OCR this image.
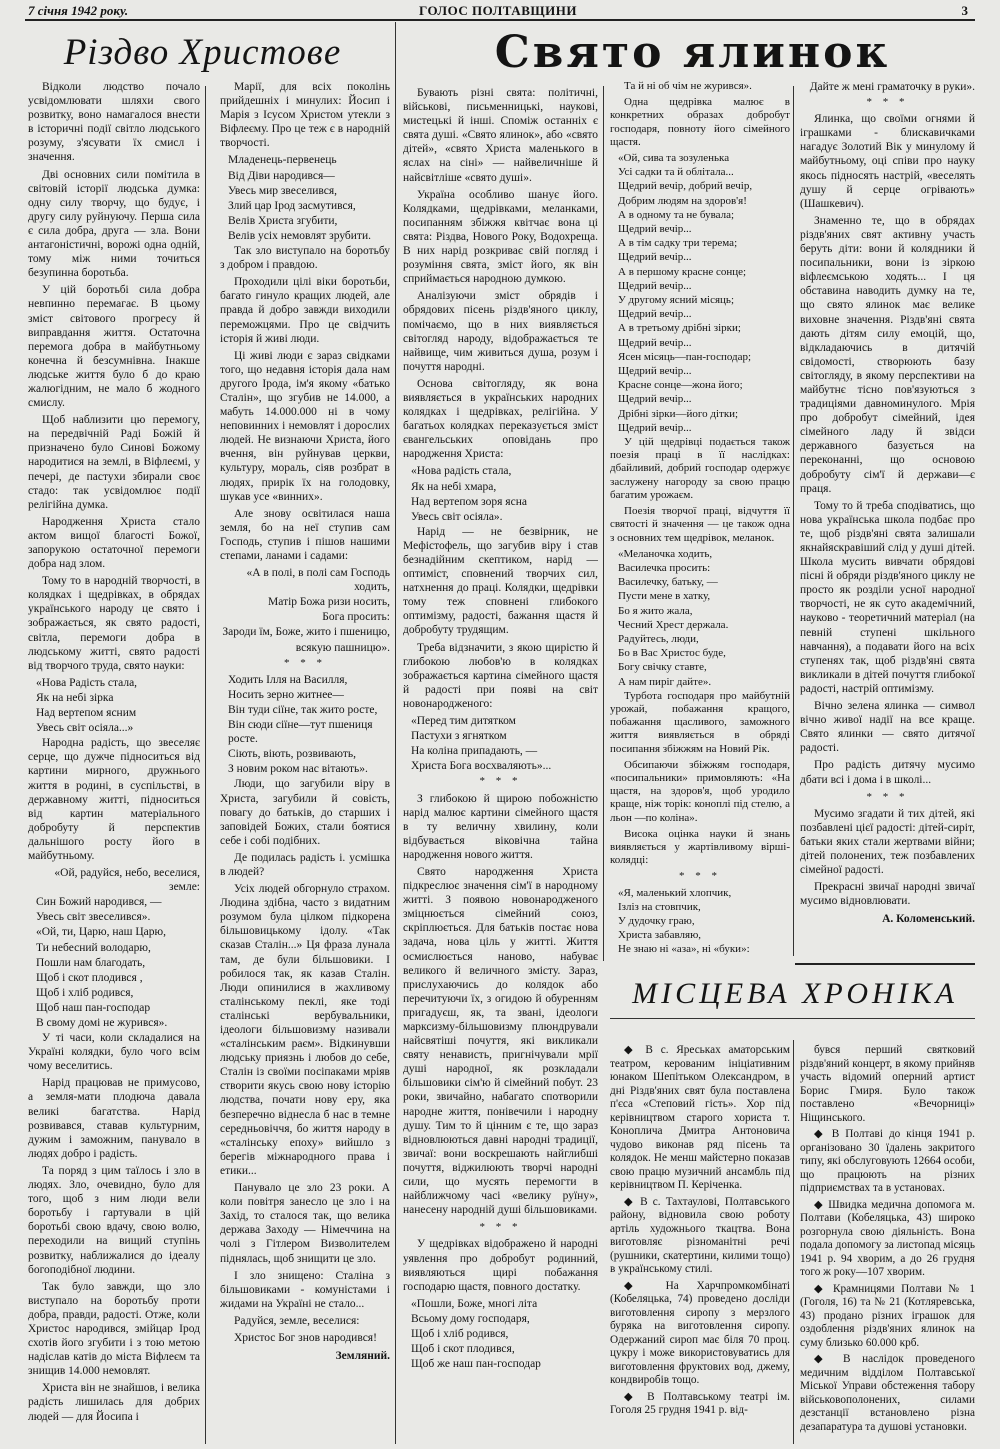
7 січня 1942 року.	ГОЛОС ПОЛТАВЩИНИ	3
Різдво Христове

Відколи людство почало усвідомлювати шляхи свого розвитку, воно намагалося внести в історичні події світло людського розуму, з'ясувати їх смисл і значення.

Дві основних сили помітила в світовій історії людська думка: одну силу творчу, що будує, і другу силу руйнуючу. Перша сила є сила добра, друга — зла. Вони антагоністичні, ворожі одна одній, тому між ними точиться безупинна боротьба.

У цій боротьбі сила добра невпинно перемагає. В цьому зміст світового прогресу й виправдання життя. Остаточна перемога добра в майбутньому конечна й безсумнівна. Інакше людське життя було б до краю жалюгідним, не мало б жодного смислу.

Щоб наблизити цю перемогу, на передвічній Раді Божій й призначено було Синові Божому народитися на землі, в Віфлеємі, у печері, де пастухи збирали своє стадо: так усвідомлює події релігійна думка.

Народження Христа стало актом вищої благості Божої, запорукою остаточної перемоги добра над злом.

Тому то в народній творчості, в колядках і щедрівках, в обрядах українського народу це свято і зображається, як свято радості, світла, перемоги добра в людському житті, свято радості від творчого труда, свято науки:

«Нова Радість стала,

Як на небі зірка

Над вертепом ясним

Увесь світ осіяла...»

Народна радість, що звеселяє серце, що дужче підноситься від картини мирного, дружнього життя в родині, в суспільстві, в державному житті, підноситься від картин матеріального добробуту й перспектив дальнішого росту його в майбутньому.

«Ой, радуйся, небо, веселися, земле:

Син Божий народився, —

Увесь світ звеселився».

«Ой, ти, Царю, наш Царю,

Ти небесний володарю,

Пошли нам благодать,

Щоб і скот плодився ,

Щоб і хліб родився,

Щоб наш пан-господар

В свому домі не журився».

У ті часи, коли складалися на Україні колядки, було чого всім чому веселитись.

Нарід працював не примусово, а земля-мати плодюча давала великі багатства. Нарід розвивався, ставав культурним, дужим і заможним, панувало в людях добро і радість.

Та поряд з цим таїлось і зло в людях. Зло, очевидно, було для того, щоб з ним люди вели боротьбу і гартували в цій боротьбі свою вдачу, свою волю, переходили на вищий ступінь розвитку, наближалися до ідеалу богоподібної людини.

Так було завжди, що зло виступало на боротьбу проти добра, правди, радості. Отже, коли Христос народився, змійцар Ірод схотів його згубити і з тою метою надіслав катів до міста Віфлеєм та знищив 14.000 немовлят.

Христа він не знайшов, і велика радість лишилась для добрих людей — для Йосипа і

Марії, для всіх поколінь прийдешніх і минулих: Йосип і Марія з Ісусом Христом утекли з Віфлеєму. Про це теж є в народній творчості.

Младенець-первенець

Від Діви народився—

Увесь мир звеселився,

Злий цар Ірод засмутився,

Велів Христа згубити,

Велів усіх немовлят зрубити.

Так зло виступало на боротьбу з добром і правдою.

Проходили цілі віки боротьби, багато гинуло кращих людей, але правда й добро завжди виходили переможцями. Про це свідчить історія й живі люди.

Ці живі люди є зараз свідками того, що недавня історія дала нам другого Ірода, ім'я якому «батько Сталін», що згубив не 14.000, а мабуть 14.000.000 ні в чому неповинних і немовлят і дорослих людей. Не визнаючи Христа, його вчення, він руйнував церкви, культуру, мораль, сіяв розбрат в людях, прирік їх на голодовку, шукав усе «винних».

Але знову освітилася наша земля, бо на неї ступив сам Господь, ступив і пішов нашими степами, ланами і садами:

«А в полі, в полі сам Господь ходить,

Матір Божа ризи носить,

Бога просить:

Зароди їм, Боже, жито і пшеницю,

всякую пашницю».

* * *

Ходить Ілля на Василля,

Носить зерно житнее—

Він туди сіїне, так жито росте,

Він сюди сіїне—тут пшениця росте.

Сіють, віють, розвивають,

З новим роком нас вітають».

Люди, що загубили віру в Христа, загубили й совість, повагу до батьків, до старших і заповідей Божих, стали боятися себе і собі подібних.

Де подилась радість і. усмішка в людей?

Усіх людей обгорнуло страхом. Людина здібна, часто з видатним розумом була цілком підкорена більшовицькому ідолу. «Так сказав Сталін...» Ця фраза лунала там, де були більшовики. І робилося так, як казав Сталін. Люди опинилися в жахливому сталінському пеклі, яке тоді сталінські вербувальники, ідеологи більшовизму називали «сталінським раєм». Відкинувши людську приязнь і любов до себе, Сталін із своїми посіпаками мріяв створити якусь свою нову історію людства, почати нову еру, яка безперечно віднесла б нас в темне середньовіччя, бо життя народу в «сталінську епоху» вийшло з берегів міжнародного права і етики...

Панувало це зло 23 роки. А коли повітря занесло це зло і на Захід, то сталося так, що велика держава Заходу — Німеччина на чолі з Гітлером Визволителем піднялась, щоб знищити це зло.

І зло знищено: Сталіна з більшовиками - комуністами і жидами на Україні не стало...

Радуйся, земле, веселися:

Христос Бог знов народився!

Земляний.

Свято ялинок

Бувають різні свята: політичні, військові, письменницькі, наукові, мистецькі й інші. Споміж останніх є свята душі. «Свято ялинок», або «свято дітей», «свято Христа маленького в яслах на сіні» — найвеличніше й найсвітліше «свято душі».

Україна особливо шанує його. Колядками, щедрівками, меланками, посипанням збіжжя квітчає вона ці свята: Різдва, Нового Року, Водохреща. В них нарід розкриває свій погляд і розуміння свята, зміст його, як він сприймається народною думкою.

Аналізуючи зміст обрядів і обрядових пісень різдв'яного циклу, помічаємо, що в них виявляється світогляд народу, відображається те найвище, чим живиться душа, розум і почуття народні.

Основа світогляду, як вона виявляється в українських народних колядках і щедрівках, релігійна. У багатьох колядках переказується зміст євангельських оповідань про народження Христа:

«Нова радість стала,

Як на небі хмара,

Над вертепом зоря ясна

Увесь світ осіяла».

Нарід — не безвірник, не Мефістофель, що загубив віру і став безнадійним скептиком, нарід — оптиміст, сповнений творчих сил, натхнення до праці. Колядки, щедрівки тому теж сповнені глибокого оптимізму, радості, бажання щастя й добробуту трудящим.

Треба відзначити, з якою щирістю й глибокою любов'ю в колядках зображається картина сімейного щастя й радості при появі на світ новонародженого:

«Перед тим дитятком

Пастухи з ягнятком

На коліна припадають, —

Христа Бога восхваляють»...

* * *

З глибокою й щирою побожністю нарід малює картини сімейного щастя в ту величну хвилину, коли відбувається віковічна тайна народження нового життя.

Свято народження Христа підкреслює значення сім'ї в народному житті. З появою новонародженого зміцнюється сімейний союз, скріплюється. Для батьків постає нова задача, нова ціль у житті. Життя осмислюється наново, набуває великого й величного змісту. Зараз, прислухаючись до колядок або перечитуючи їх, з огидою й обуренням пригадуєш, як, та звані, ідеологи марксизму-більшовизму плюндрували найсвятіші почуття, які викликали святу ненависть, пригнічували мрії душі народної, як розкладали більшовики сім'ю й сімейний побут. 23 роки, звичайно, набагато спотворили народне життя, понівечили і народну душу. Тим то й цінним є те, що зараз відновлюються давні народні традиції, звичаї: вони воскрешають найглибші почуття, віджилюють творчі народні сили, що мусять перемогти в найближчому часі «велику руїну», нанесену народній душі більшовиками.

* * *

У щедрівках відображено й народні уявлення про добробут родинний, виявляються щирі побажання господарю щастя, повного достатку.

«Пошли, Боже, многі літа

Всьому дому господаря,

Щоб і хліб родився,

Щоб і скот плодився,

Щоб же наш пан-господар

Та й ні об чім не журився».

Одна щедрівка малює в конкретних образах добробут господаря, повноту його сімейного щастя.

«Ой, сива та зозуленька

Усі садки та й облітала...

Щедрий вечір, добрий вечір,

Добрим людям на здоров'я!

А в одному та не бувала;

Щедрий вечір...

А в тім садку три терема;

Щедрий вечір...

А в першому красне сонце;

Щедрий вечір...

У другому ясний місяць;

Щедрий вечір...

А в третьому дрібні зірки;

Щедрий вечір...

Ясен місяць—пан-господар;

Щедрий вечір...

Красне сонце—жона його;

Щедрий вечір...

Дрібні зірки—його дітки;

Щедрий вечір...

У цій щедрівці подається також поезія праці в її наслідках: дбайливий, добрий господар одержує заслужену нагороду за свою працю багатим урожаєм.

Поезія творчої праці, відчуття її святості й значення — це також одна з основних тем щедрівок, меланок.

«Меланочка ходить,

Василечка просить:

Василечку, батьку, —

Пусти мене в хатку,

Бо я жито жала,

Чесний Хрест держала.

Радуйтесь, люди,

Бо в Вас Христос буде,

Богу свічку ставте,

А нам пиріг дайте».

Турбота господаря про майбутній урожай, побажання кращого, побажання щасливого, заможного життя виявляється в обряді посипання збіжжям на Новий Рік.

Обсипаючи збіжжям господаря, «посипальники» примовляють: «На щастя, на здоров'я, щоб уродило краще, ніж торік: коноплі під стелю, а льон —по коліна».

Висока оцінка науки й знань виявляється у жартівливому вірші-колядці:

* * *

«Я, маленький хлопчик,

Ізліз на стовпчик,

У дудочку граю,

Христа забавляю,

Не знаю ні «аза», ні «буки»:

Дайте ж мені граматочку в руки».

* * *

Ялинка, що своїми огнями й іграшками - блискавичками нагадує Золотий Вік у минулому й майбутньому, оці співи про науку якось підносять настрій, «веселять душу й серце огрівають» (Шашкевич).

Знаменно те, що в обрядах різдв'яних свят активну участь беруть діти: вони й колядники й посипальники, вони із зіркою віфлеємською ходять... І ця обставина наводить думку на те, що свято ялинок має велике виховне значення. Різдв'яні свята дають дітям силу емоцій, що, відкладаючись в дитячій свідомості, створюють базу світогляду, в якому перспективи на майбутнє тісно пов'язуються з традиціями давноминулого. Мрія про добробут сімейний, ідея сімейного ладу й звідси державного базується на переконанні, що основою добробуту сім'ї й держави—є праця.

Тому то й треба сподіватись, що нова українська школа подбає про те, щоб різдв'яні свята залишали якнайяскравіший слід у душі дітей. Школа мусить вивчати обрядові пісні й обряди різдв'яного циклу не просто як розділи усної народної творчості, не як суто академічний, науково - теоретичний матеріал (на певній ступені шкільного навчання), а подавати його на всіх ступенях так, щоб різдв'яні свята викликали в дітей почуття глибокої радості, настрій оптимізму.

Вічно зелена ялинка — символ вічно живої надії на все краще. Свято ялинки — свято дитячої радості.

Про радість дитячу мусимо дбати всі і дома і в школі...

* * *

Мусимо згадати й тих дітей, які позбавлені цієї радості: дітей-сиріт, батьки яких стали жертвами війни; дітей полонених, теж позбавлених сімейної радості.

Прекрасні звичаї народні звичаї мусимо відновлювати.

А. Коломенський.

МІСЦЕВА ХРОНІКА

◆ В с. Яреськах аматорським театром, керованим ініціативним юнаком Шепітьком Олександром, в дні Різдв'яних свят була поставлена п'єса «Степовий гість». Хор під керівництвом старого хориста т. Коноплича Дмитра Антоновича чудово виконав ряд пісень та колядок. Не менш майстерно показав свою працю музичний ансамбль під керівництвом П. Керіченка.

◆ В с. Тахтаулові, Полтавського району, відновила свою роботу артіль художнього ткацтва. Вона виготовляє різноманітні речі (рушники, скатертини, килими тощо) в українському стилі.

◆ На Харчпромкомбінаті (Кобеляцька, 74) проведено досліди виготовлення сиропу з мерзлого буряка на виготовлення сиропу. Одержаний сироп має біля 70 проц. цукру і може використовуватись для виготовлення фруктових вод, джему, кондвиробів тощо.

◆ В Полтавському театрі ім. Гоголя 25 грудня 1941 р. від-

бувся перший святковий різдв'яний концерт, в якому прийняв участь відомий оперний артист Борис Гмиря. Було також поставлено «Вечорниці» Ніщинського.

◆ В Полтаві до кінця 1941 р. організовано 30 їдалень закритого типу, які обслуговують 12664 особи, що працюють на різних підприємствах та в установах.

◆ Швидка медична допомога м. Полтави (Кобеляцька, 43) широко розгорнула свою діяльність. Вона подала допомогу за листопад місяць 1941 р. 94 хворим, а до 26 грудня того ж року—107 хворим.

◆ Крамницями Полтави № 1 (Гоголя, 16) та № 21 (Котляревська, 43) продано різних іграшок для оздоблення різдв'яних ялинок на суму близько 60.000 крб.

◆ В наслідок проведеного медичним відділом Полтавської Міської Управи обстеження табору військовополонених, силами дезстанції встановлено різна дезапаратура та душові установки.
